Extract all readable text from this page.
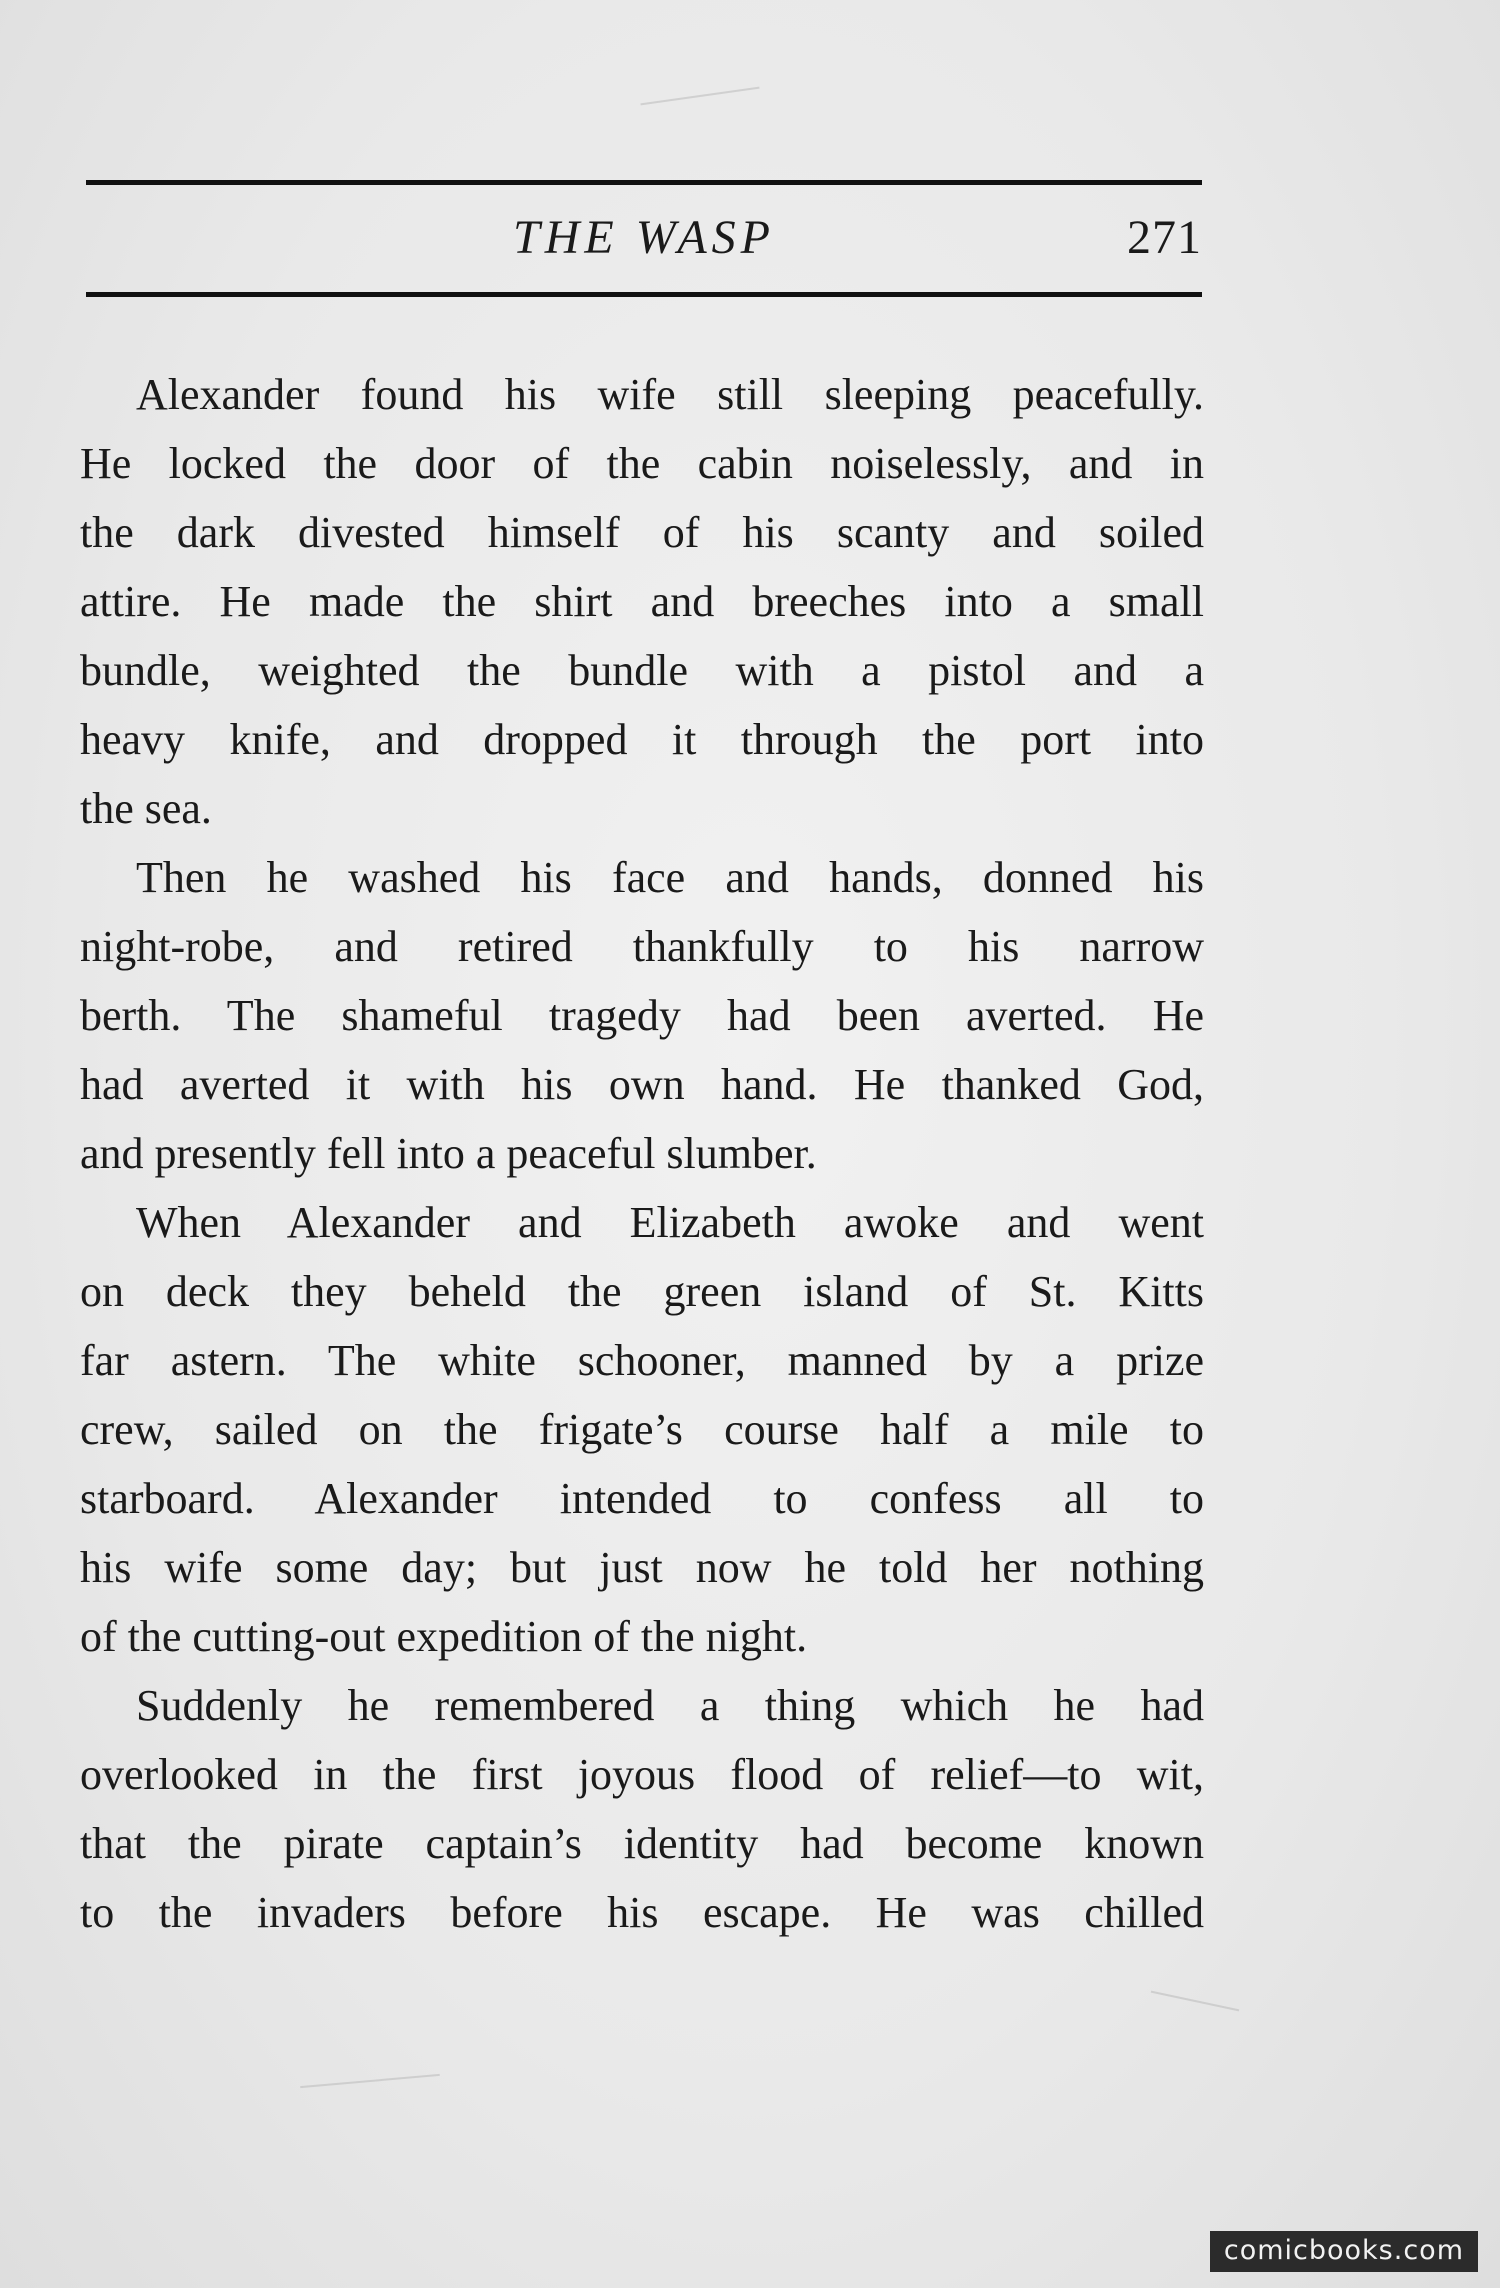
THE WASP	271
Alexander found his wife still sleeping peacefully.
He locked the door of the cabin noiselessly, and in
the dark divested himself of his scanty and soiled
attire. He made the shirt and breeches into a small
bundle, weighted the bundle with a pistol and a
heavy knife, and dropped it through the port into
the sea.
Then he washed his face and hands, donned his
night-robe, and retired thankfully to his narrow
berth. The shameful tragedy had been averted. He
had averted it with his own hand. He thanked God,
and presently fell into a peaceful slumber.
When Alexander and Elizabeth awoke and went
on deck they beheld the green island of St. Kitts
far astern. The white schooner, manned by a prize
crew, sailed on the frigate’s course half a mile to
starboard. Alexander intended to confess all to
his wife some day; but just now he told her nothing
of the cutting-out expedition of the night.
Suddenly he remembered a thing which he had
overlooked in the first joyous flood of relief—to wit,
that the pirate captain’s identity had become known
to the invaders before his escape. He was chilled
comicbooks.com
